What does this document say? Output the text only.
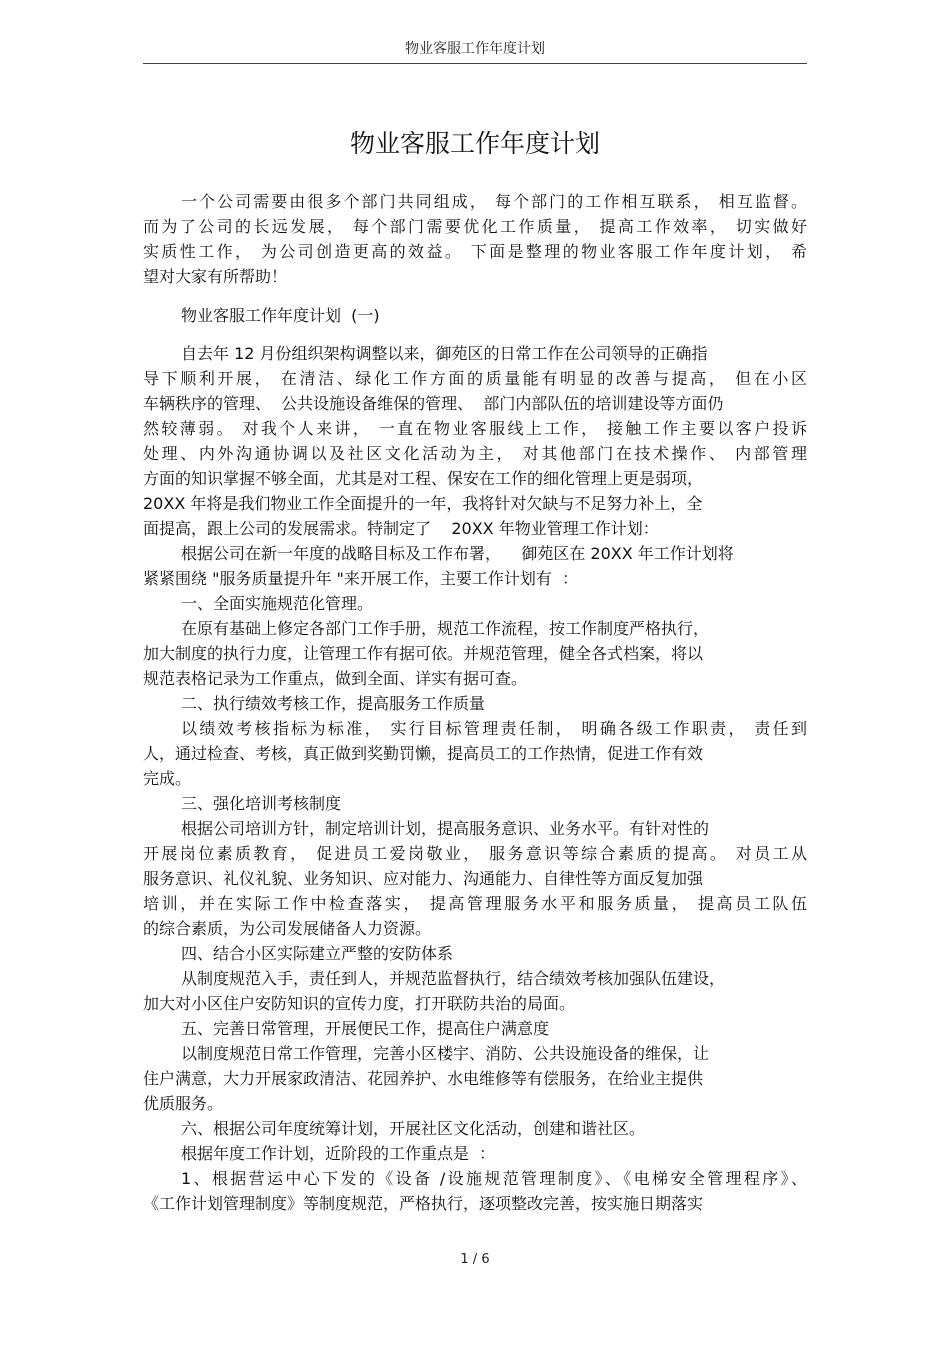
物业客服工作年度计划
物业客服工作年度计划
一个公司需要由很多个部门共同组成， 每个部门的工作相互联系， 相互监督。
而为了公司的长远发展， 每个部门需要优化工作质量， 提高工作效率， 切实做好
实质性工作， 为公司创造更高的效益。 下面是整理的物业客服工作年度计划， 希
望对大家有所帮助！
物业客服工作年度计划  (一)
自去年 12 月份组织架构调整以来，御苑区的日常工作在公司领导的正确指
导下顺利开展， 在清洁、绿化工作方面的质量能有明显的改善与提高， 但在小区
车辆秩序的管理、  公共设施设备维保的管理、  部门内部队伍的培训建设等方面仍
然较薄弱。 对我个人来讲， 一直在物业客服线上工作， 接触工作主要以客户投诉
处理、内外沟通协调以及社区文化活动为主， 对其他部门在技术操作、 内部管理
方面的知识掌握不够全面，尤其是对工程、保安在工作的细化管理上更是弱项，
20XX 年将是我们物业工作全面提升的一年，我将针对欠缺与不足努力补上，全
面提高，跟上公司的发展需求。特制定了    20XX 年物业管理工作计划：
根据公司在新一年度的战略目标及工作布署，    御苑区在 20XX 年工作计划将
紧紧围绕 "服务质量提升年 "来开展工作，主要工作计划有  ：
一、全面实施规范化管理。
在原有基础上修定各部门工作手册，规范工作流程，按工作制度严格执行，
加大制度的执行力度，让管理工作有据可依。并规范管理，健全各式档案，将以
规范表格记录为工作重点，做到全面、详实有据可查。
二、执行绩效考核工作，提高服务工作质量
以绩效考核指标为标准， 实行目标管理责任制， 明确各级工作职责， 责任到
人，通过检查、考核，真正做到奖勤罚懒，提高员工的工作热情，促进工作有效
完成。
三、强化培训考核制度
根据公司培训方针，制定培训计划，提高服务意识、业务水平。有针对性的
开展岗位素质教育， 促进员工爱岗敬业， 服务意识等综合素质的提高。 对员工从
服务意识、礼仪礼貌、业务知识、应对能力、沟通能力、自律性等方面反复加强
培训，并在实际工作中检查落实， 提高管理服务水平和服务质量， 提高员工队伍
的综合素质，为公司发展储备人力资源。
四、结合小区实际建立严整的安防体系
从制度规范入手，责任到人，并规范监督执行，结合绩效考核加强队伍建设，
加大对小区住户安防知识的宣传力度，打开联防共治的局面。
五、完善日常管理，开展便民工作，提高住户满意度
以制度规范日常工作管理，完善小区楼宇、消防、公共设施设备的维保，让
住户满意，大力开展家政清洁、花园养护、水电维修等有偿服务，在给业主提供
优质服务。
六、根据公司年度统筹计划，开展社区文化活动，创建和谐社区。
根据年度工作计划，近阶段的工作重点是  ：
1、根据营运中心下发的《设备 /设施规范管理制度》、《电梯安全管理程序》、
《工作计划管理制度》等制度规范，严格执行，逐项整改完善，按实施日期落实
1 / 6
